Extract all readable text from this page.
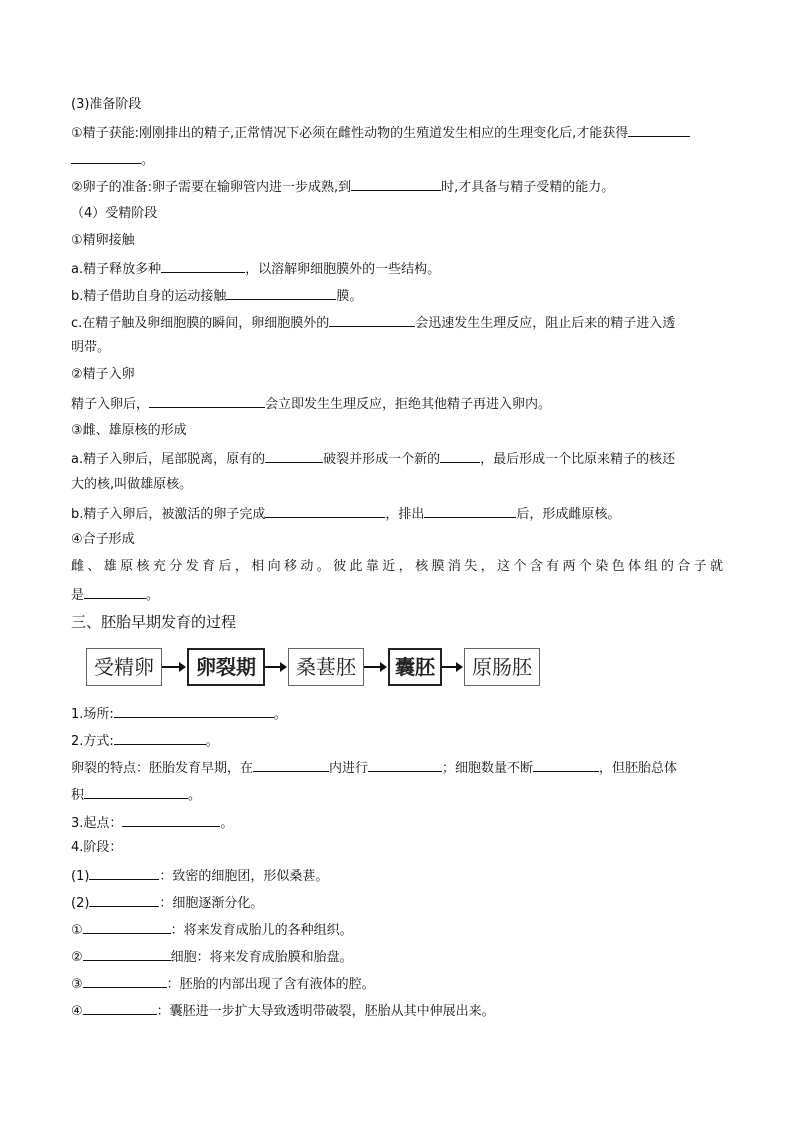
(3)准备阶段
①精子获能:刚刚排出的精子,正常情况下必须在雌性动物的生殖道发生相应的生理变化后,才能获得
。
②卵子的准备:卵子需要在输卵管内进一步成熟,到	时,才具备与精子受精的能力。
（4）受精阶段
①精卵接触
a.精子释放多种	，以溶解卵细胞膜外的一些结构。
b.精子借助自身的运动接触	膜。
c.在精子触及卵细胞膜的瞬间，卵细胞膜外的	会迅速发生生理反应，阻止后来的精子进入透
明带。
②精子入卵
精子入卵后，	会立即发生生理反应，拒绝其他精子再进入卵内。
③雌、雄原核的形成
a.精子入卵后，尾部脱离，原有的	破裂并形成一个新的	，最后形成一个比原来精子的核还
大的核,叫做雄原核。
b.精子入卵后，被激活的卵子完成	，排出	后，形成雌原核。
④合子形成
雌、雄原核充分发育后，相向移动。彼此靠近，核膜消失，这个含有两个染色体组的合子就
是	。
三、胚胎早期发育的过程
受精卵	卵裂期	桑葚胚	囊胚	原肠胚
1.场所:	。
2.方式:	。
卵裂的特点：胚胎发育早期，在	内进行	；细胞数量不断	，但胚胎总体
积	。
3.起点：	。
4.阶段：
(1)	：致密的细胞团，形似桑葚。
(2)	：细胞逐渐分化。
①	：将来发育成胎儿的各种组织。
②	细胞：将来发育成胎膜和胎盘。
③	：胚胎的内部出现了含有液体的腔。
④	：囊胚进一步扩大导致透明带破裂，胚胎从其中伸展出来。
